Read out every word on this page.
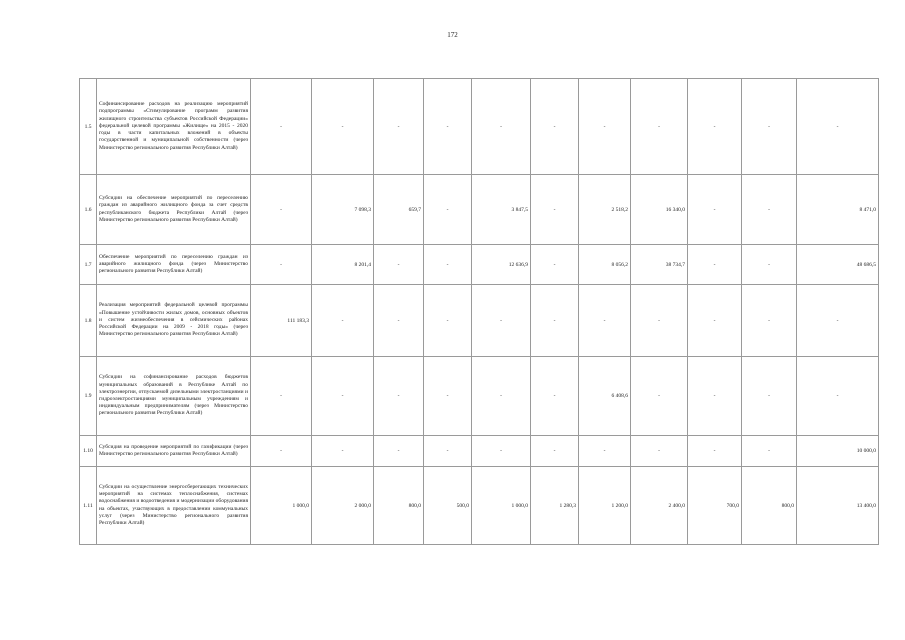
172
1.5	Софинансирование расходов на реализацию мероприятий подпрограммы «Стимулирование программ развития жилищного строительства субъектов Российской Федерации» федеральной целевой программы «Жилище» на 2015 - 2020 годы в части капитальных вложений в объекты государственной и муниципальной собственности (через Министерство регионального развития Республики Алтай)	-	-	-	-	-	-	-	-	-	-	-
1.6	Субсидии на обеспечение мероприятий по переселению граждан из аварийного жилищного фонда за счет средств республиканского бюджета Республики Алтай (через Министерство регионального развития Республики Алтай)	-	7 098,3	659,7	-	3 847,5	-	2 518,2	16 340,0	-	-	8 471,0
1.7	Обеспечение мероприятий по переселению граждан из аварийного жилищного фонда (через Министерство регионального развития Республики Алтай)	-	8 201,4	-	-	12 636,9	-	8 056,2	38 734,7	-	-	48 686,5
1.8	Реализация мероприятий федеральной целевой программы «Повышение устойчивости жилых домов, основных объектов и систем жизнеобеспечения в сейсмических районах Российской Федерации на 2009 - 2018 годы» (через Министерство регионального развития Республики Алтай)	111 183,3	-	-	-	-	-	-	-	-	-	-
1.9	Субсидии на софинансирование расходов бюджетов муниципальных образований в Республике Алтай по электроэнергии, отпускаемой дизельными электростанциями и гидроэлектростанциями муниципальным учреждениям и индивидуальным предпринимателям (через Министерство регионального развития Республики Алтай)	-	-	-	-	-	-	6 408,6	-	-	-	-
1.10	Субсидия на проведение мероприятий по газификации (через Министерство регионального развития Республики Алтай)	-	-	-	-	-	-	-	-	-	-	10 000,0
1.11	Субсидии на осуществление энергосберегающих технических мероприятий на системах теплоснабжения, системах водоснабжения и водоотведения и модернизации оборудования на объектах, участвующих в предоставлении коммунальных услуг (через Министерство регионального развития Республики Алтай)	1 000,0	2 000,0	800,0	500,0	1 000,0	1 280,3	1 200,0	2 400,0	700,0	800,0	13 400,0
